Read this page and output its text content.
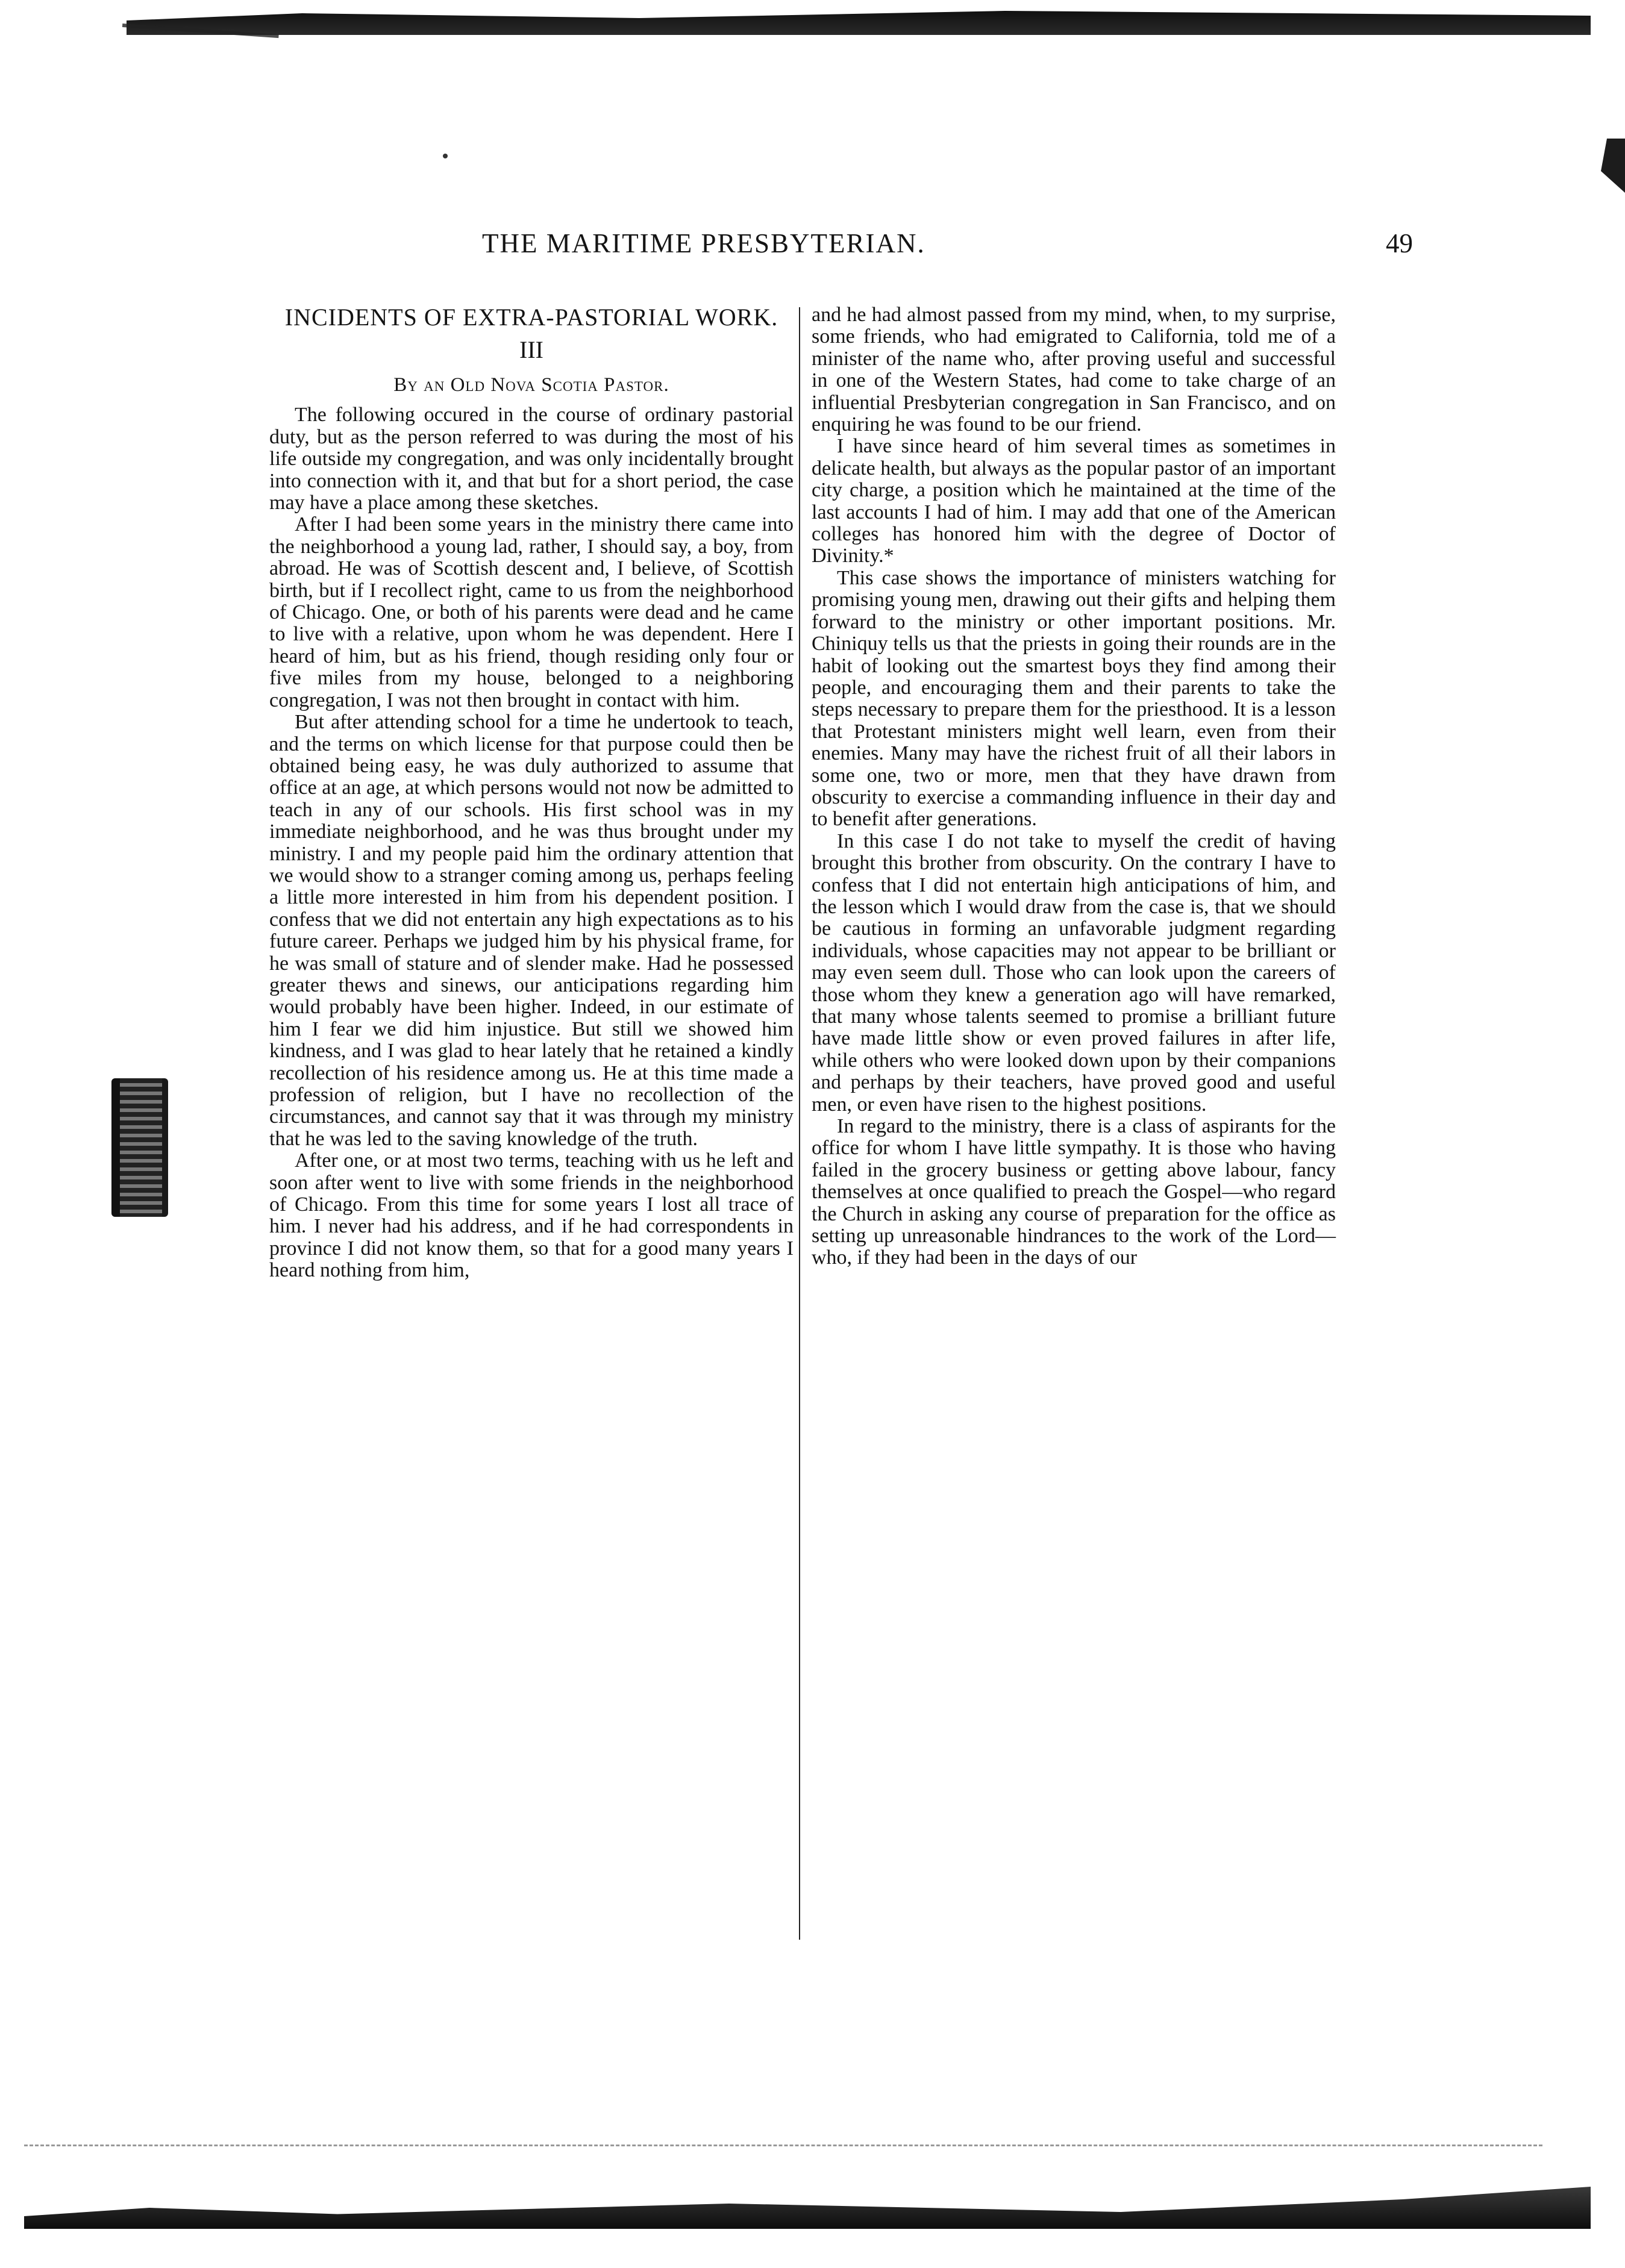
THE MARITIME PRESBYTERIAN.	49
INCIDENTS OF EXTRA-PASTORIAL WORK.
III
By an Old Nova Scotia Pastor.

The following occured in the course of ordinary pastorial duty, but as the person referred to was during the most of his life outside my congregation, and was only incidentally brought into connection with it, and that but for a short period, the case may have a place among these sketches.

After I had been some years in the ministry there came into the neighborhood a young lad, rather, I should say, a boy, from abroad. He was of Scottish descent and, I believe, of Scottish birth, but if I recollect right, came to us from the neighborhood of Chicago. One, or both of his parents were dead and he came to live with a relative, upon whom he was dependent. Here I heard of him, but as his friend, though residing only four or five miles from my house, belonged to a neighboring congregation, I was not then brought in contact with him.

But after attending school for a time he undertook to teach, and the terms on which license for that purpose could then be obtained being easy, he was duly authorized to assume that office at an age, at which persons would not now be admitted to teach in any of our schools. His first school was in my immediate neighborhood, and he was thus brought under my ministry. I and my people paid him the ordinary attention that we would show to a stranger coming among us, perhaps feeling a little more interested in him from his dependent position. I confess that we did not entertain any high expectations as to his future career. Perhaps we judged him by his physical frame, for he was small of stature and of slender make. Had he possessed greater thews and sinews, our anticipations regarding him would probably have been higher. Indeed, in our estimate of him I fear we did him injustice. But still we showed him kindness, and I was glad to hear lately that he retained a kindly recollection of his residence among us. He at this time made a profession of religion, but I have no recollection of the circumstances, and cannot say that it was through my ministry that he was led to the saving knowledge of the truth.

After one, or at most two terms, teaching with us he left and soon after went to live with some friends in the neighborhood of Chicago. From this time for some years I lost all trace of him. I never had his address, and if he had correspondents in province I did not know them, so that for a good many years I heard nothing from him,

and he had almost passed from my mind, when, to my surprise, some friends, who had emigrated to California, told me of a minister of the name who, after proving useful and successful in one of the Western States, had come to take charge of an influential Presbyterian congregation in San Francisco, and on enquiring he was found to be our friend.

I have since heard of him several times as sometimes in delicate health, but always as the popular pastor of an important city charge, a position which he maintained at the time of the last accounts I had of him. I may add that one of the American colleges has honored him with the degree of Doctor of Divinity.*

This case shows the importance of ministers watching for promising young men, drawing out their gifts and helping them forward to the ministry or other important positions. Mr. Chiniquy tells us that the priests in going their rounds are in the habit of looking out the smartest boys they find among their people, and encouraging them and their parents to take the steps necessary to prepare them for the priesthood. It is a lesson that Protestant ministers might well learn, even from their enemies. Many may have the richest fruit of all their labors in some one, two or more, men that they have drawn from obscurity to exercise a commanding influence in their day and to benefit after generations.

In this case I do not take to myself the credit of having brought this brother from obscurity. On the contrary I have to confess that I did not entertain high anticipations of him, and the lesson which I would draw from the case is, that we should be cautious in forming an unfavorable judgment regarding individuals, whose capacities may not appear to be brilliant or may even seem dull. Those who can look upon the careers of those whom they knew a generation ago will have remarked, that many whose talents seemed to promise a brilliant future have made little show or even proved failures in after life, while others who were looked down upon by their companions and perhaps by their teachers, have proved good and useful men, or even have risen to the highest positions.

In regard to the ministry, there is a class of aspirants for the office for whom I have little sympathy. It is those who having failed in the grocery business or getting above labour, fancy themselves at once qualified to preach the Gospel—who regard the Church in asking any course of preparation for the office as setting up unreasonable hindrances to the work of the Lord—who, if they had been in the days of our
